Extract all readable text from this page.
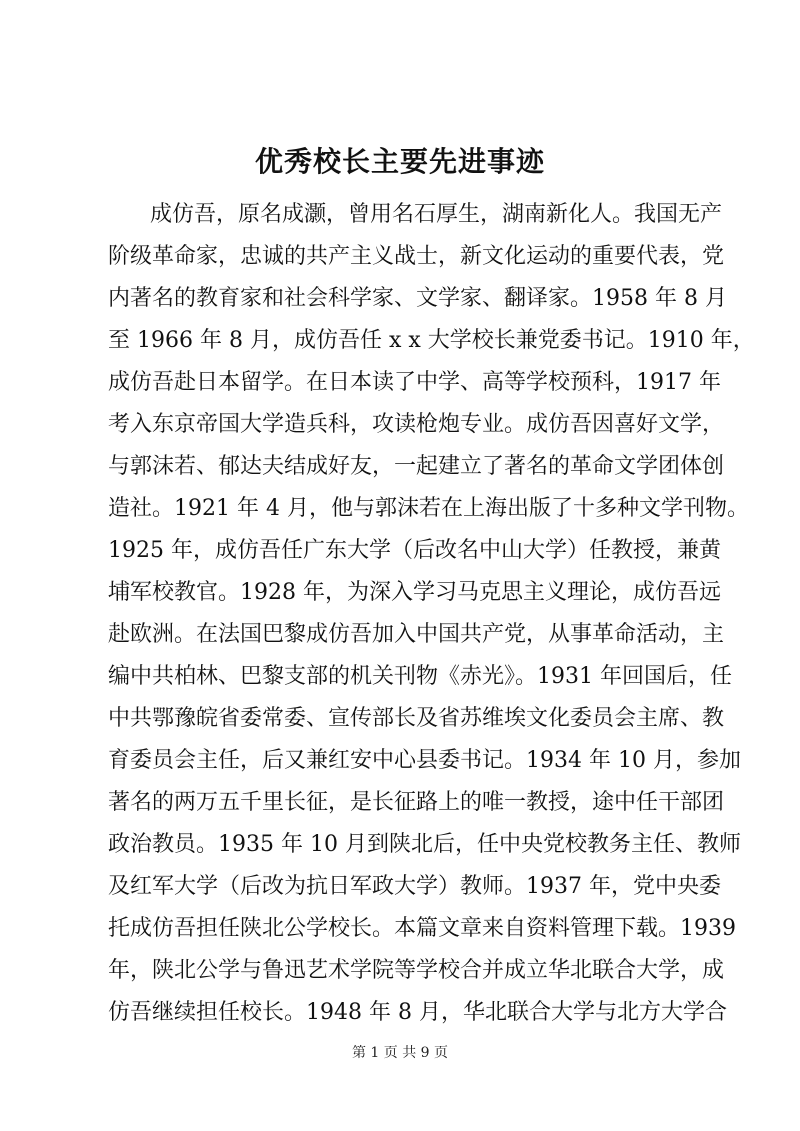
优秀校长主要先进事迹
成仿吾，原名成灏，曾用名石厚生，湖南新化人。我国无产
阶级革命家，忠诚的共产主义战士，新文化运动的重要代表，党
内著名的教育家和社会科学家、文学家、翻译家。1958 年 8 月
至 1966 年 8 月，成仿吾任 x x 大学校长兼党委书记。1910 年，
成仿吾赴日本留学。在日本读了中学、高等学校预科，1917 年
考入东京帝国大学造兵科，攻读枪炮专业。成仿吾因喜好文学，
与郭沫若、郁达夫结成好友，一起建立了著名的革命文学团体创
造社。1921 年 4 月，他与郭沫若在上海出版了十多种文学刊物。
1925 年，成仿吾任广东大学（后改名中山大学）任教授，兼黄
埔军校教官。1928 年，为深入学习马克思主义理论，成仿吾远
赴欧洲。在法国巴黎成仿吾加入中国共产党，从事革命活动，主
编中共柏林、巴黎支部的机关刊物《赤光》。1931 年回国后，任
中共鄂豫皖省委常委、宣传部长及省苏维埃文化委员会主席、教
育委员会主任，后又兼红安中心县委书记。1934 年 10 月，参加
著名的两万五千里长征，是长征路上的唯一教授，途中任干部团
政治教员。1935 年 10 月到陕北后，任中央党校教务主任、教师
及红军大学（后改为抗日军政大学）教师。1937 年，党中央委
托成仿吾担任陕北公学校长。本篇文章来自资料管理下载。1939
年，陕北公学与鲁迅艺术学院等学校合并成立华北联合大学，成
仿吾继续担任校长。1948 年 8 月，华北联合大学与北方大学合
第 1 页 共 9 页
